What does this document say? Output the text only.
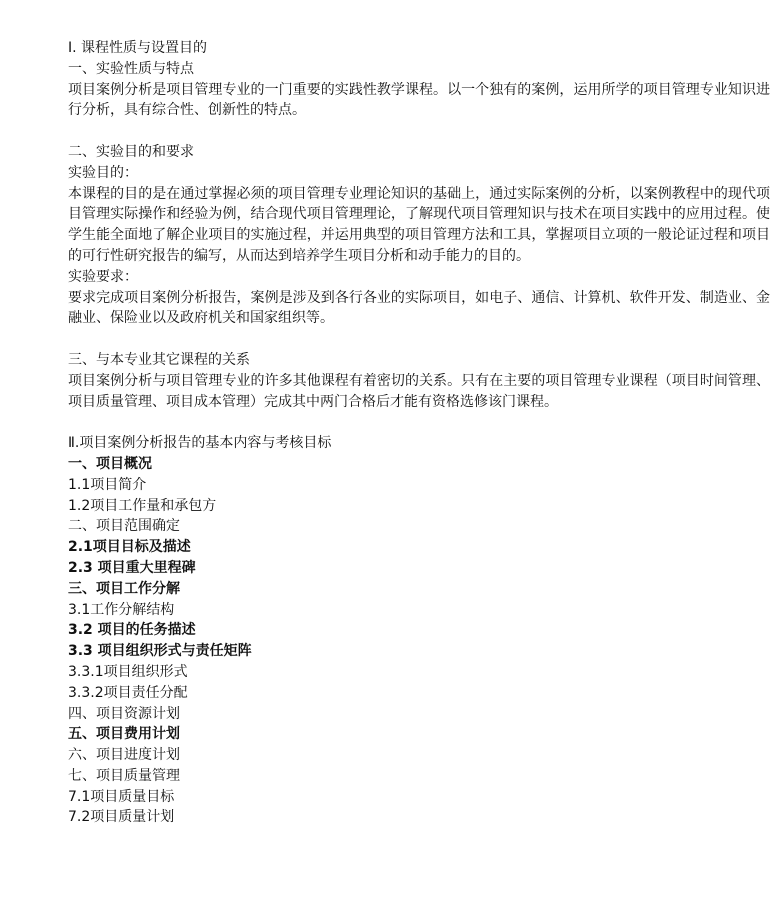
Ⅰ. 课程性质与设置目的
一、实验性质与特点
项目案例分析是项目管理专业的一门重要的实践性教学课程。以一个独有的案例，运用所学的项目管理专业知识进行分析，具有综合性、创新性的特点。
二、实验目的和要求
实验目的：
本课程的目的是在通过掌握必须的项目管理专业理论知识的基础上，通过实际案例的分析，以案例教程中的现代项目管理实际操作和经验为例，结合现代项目管理理论，了解现代项目管理知识与技术在项目实践中的应用过程。使学生能全面地了解企业项目的实施过程，并运用典型的项目管理方法和工具，掌握项目立项的一般论证过程和项目的可行性研究报告的编写，从而达到培养学生项目分析和动手能力的目的。
实验要求：
要求完成项目案例分析报告，案例是涉及到各行各业的实际项目，如电子、通信、计算机、软件开发、制造业、金融业、保险业以及政府机关和国家组织等。
三、与本专业其它课程的关系
项目案例分析与项目管理专业的许多其他课程有着密切的关系。只有在主要的项目管理专业课程（项目时间管理、项目质量管理、项目成本管理）完成其中两门合格后才能有资格选修该门课程。
Ⅱ.项目案例分析报告的基本内容与考核目标
一、项目概况
1.1项目简介
1.2项目工作量和承包方
二、项目范围确定
2.1项目目标及描述
2.3 项目重大里程碑
三、项目工作分解
3.1工作分解结构
3.2 项目的任务描述
3.3 项目组织形式与责任矩阵
3.3.1项目组织形式
3.3.2项目责任分配
四、项目资源计划
五、项目费用计划
六、项目进度计划
七、项目质量管理
7.1项目质量目标
7.2项目质量计划
